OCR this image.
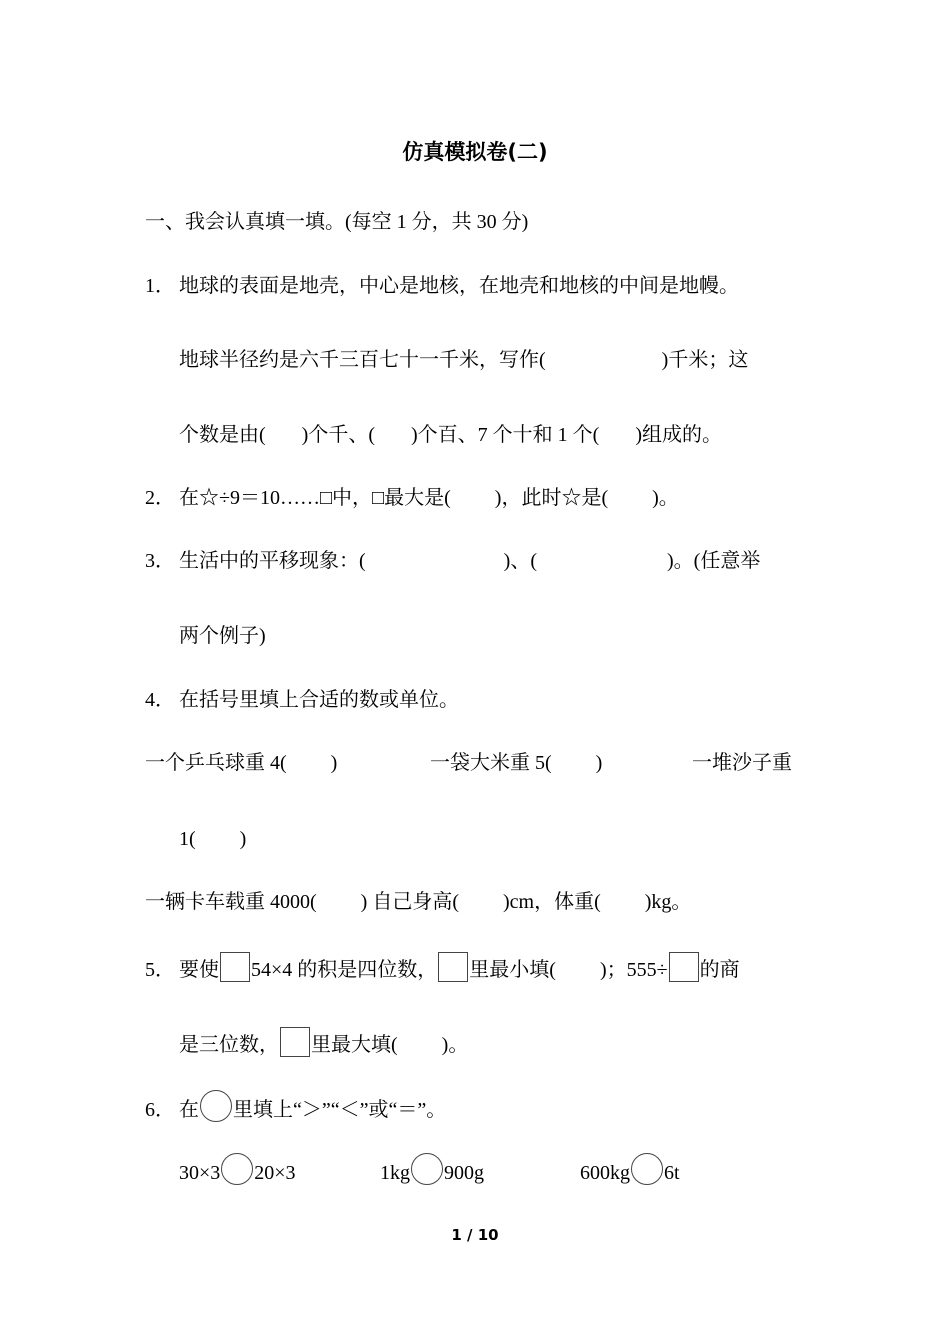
仿真模拟卷(二)
一、我会认真填一填。(每空 1 分，共 30 分)
1． 地球的表面是地壳，中心是地核，在地壳和地核的中间是地幔。
地球半径约是六千三百七十一千米，写作(	)千米；这
个数是由( )个千、( )个百、7 个十和 1 个( )组成的。
2． 在☆÷9＝10……□中，□最大是( )，此时☆是( )。
3． 生活中的平移现象：(	)、(	)。(任意举
两个例子)
4． 在括号里填上合适的数或单位。
一个乒乓球重 4( )	一袋大米重 5( )	一堆沙子重
1( )
一辆卡车载重 4000( ) 自己身高( )cm，体重( )kg。
5． 要使 54×4 的积是四位数， 里最小填( )；555÷ 的商
是三位数， 里最大填( )。
6． 在 里填上“＞”“＜”或“＝”。
30×3 20×3	1kg 900g	600kg 6t
1 / 10
